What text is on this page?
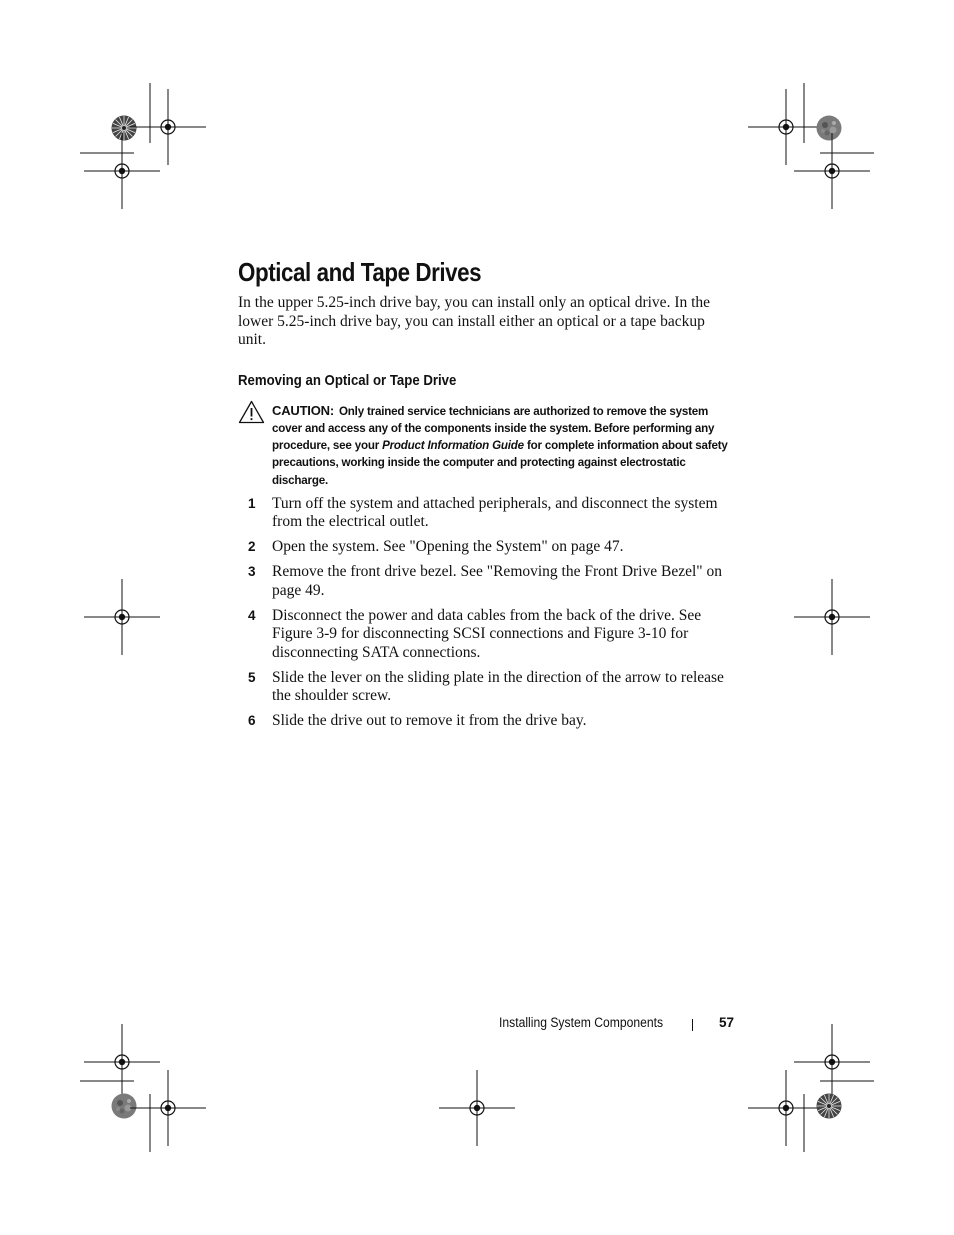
Optical and Tape Drives

In the upper 5.25-inch drive bay, you can install only an optical drive. In the lower 5.25-inch drive bay, you can install either an optical or a tape backup unit.

Removing an Optical or Tape Drive
CAUTION: Only trained service technicians are authorized to remove the system cover and access any of the components inside the system. Before performing any procedure, see your Product Information Guide for complete information about safety precautions, working inside the computer and protecting against electrostatic discharge.
1 Turn off the system and attached peripherals, and disconnect the system from the electrical outlet.
2 Open the system. See "Opening the System" on page 47.
3 Remove the front drive bezel. See "Removing the Front Drive Bezel" on page 49.
4 Disconnect the power and data cables from the back of the drive. See Figure 3-9 for disconnecting SCSI connections and Figure 3-10 for disconnecting SATA connections.
5 Slide the lever on the sliding plate in the direction of the arrow to release the shoulder screw.
6 Slide the drive out to remove it from the drive bay.
Installing System Components	57
